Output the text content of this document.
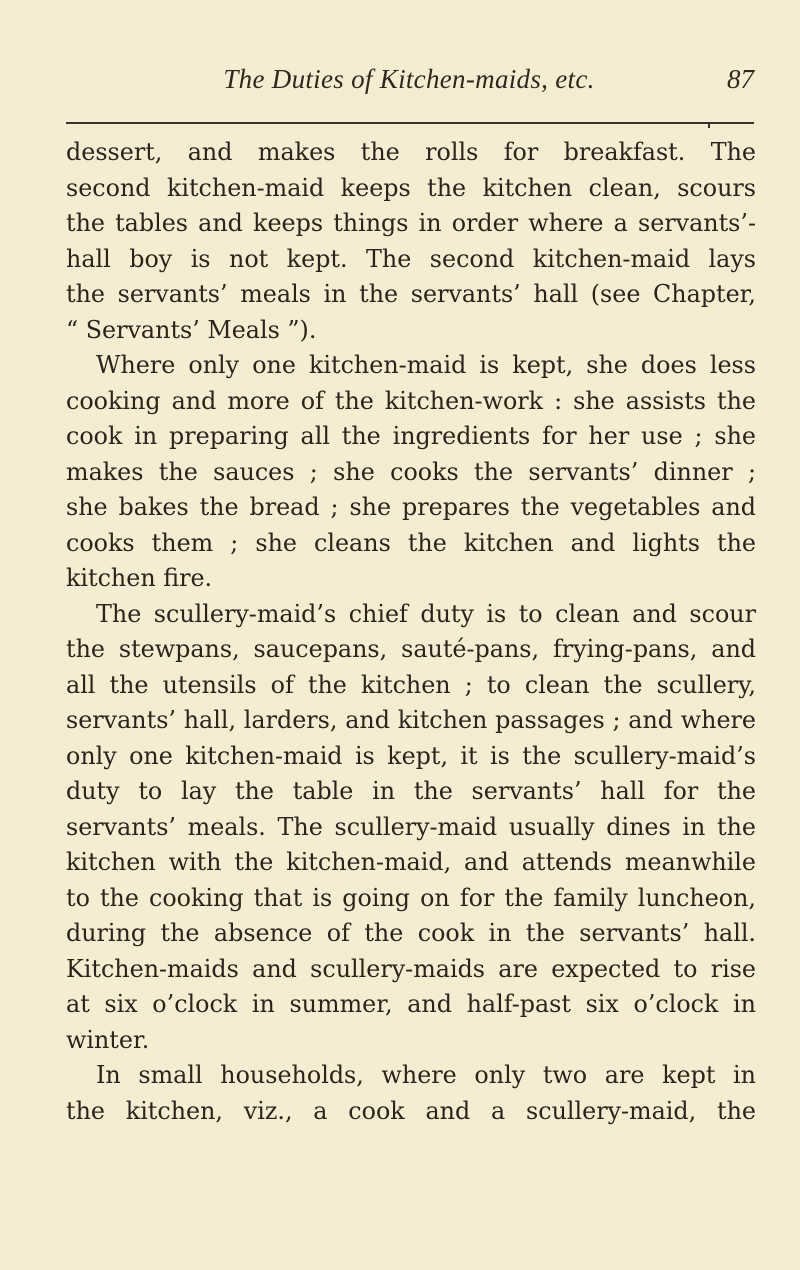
The Duties of Kitchen-maids, etc.	87
dessert, and makes the rolls for breakfast. The
second kitchen-maid keeps the kitchen clean, scours
the tables and keeps things in order where a servants’-
hall boy is not kept. The second kitchen-maid lays
the servants’ meals in the servants’ hall (see Chapter,
“ Servants’ Meals ”).
Where only one kitchen-maid is kept, she does less
cooking and more of the kitchen-work : she assists the
cook in preparing all the ingredients for her use ; she
makes the sauces ; she cooks the servants’ dinner ;
she bakes the bread ; she prepares the vegetables and
cooks them ; she cleans the kitchen and lights the
kitchen fire.
The scullery-maid’s chief duty is to clean and scour
the stewpans, saucepans, sauté-pans, frying-pans, and
all the utensils of the kitchen ; to clean the scullery,
servants’ hall, larders, and kitchen passages ; and where
only one kitchen-maid is kept, it is the scullery-maid’s
duty to lay the table in the servants’ hall for the
servants’ meals. The scullery-maid usually dines in the
kitchen with the kitchen-maid, and attends meanwhile
to the cooking that is going on for the family luncheon,
during the absence of the cook in the servants’ hall.
Kitchen-maids and scullery-maids are expected to rise
at six o’clock in summer, and half-past six o’clock in
winter.
In small households, where only two are kept in
the kitchen, viz., a cook and a scullery-maid, the
